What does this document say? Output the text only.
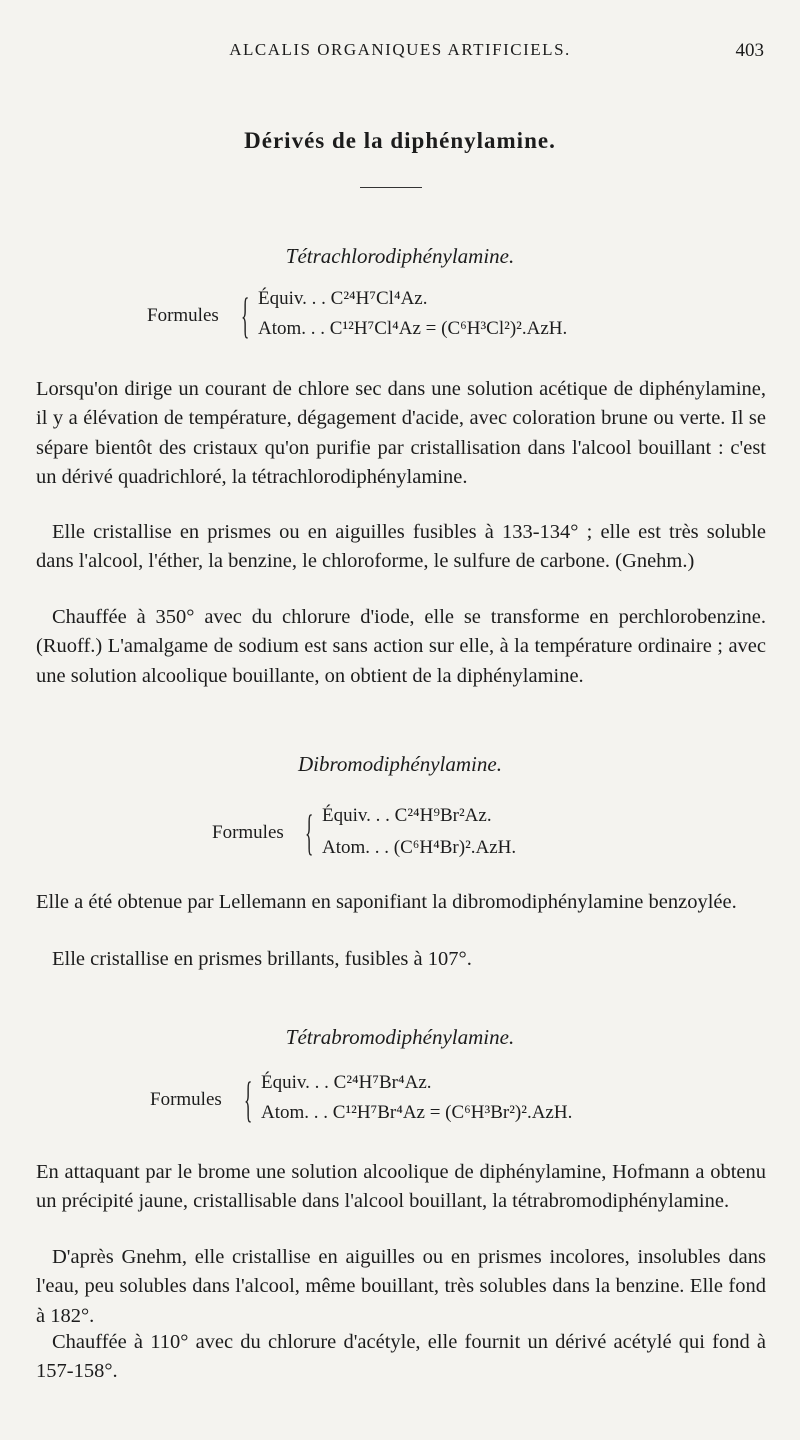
ALCALIS ORGANIQUES ARTIFICIELS.	403
Dérivés de la diphénylamine.
Tétrachlorodiphénylamine.
Formules { Équiv. . . C²⁴H⁷Cl⁴Az.
Atom. . . C¹²H⁷Cl⁴Az = (C⁶H³Cl²)².AzH.
Lorsqu'on dirige un courant de chlore sec dans une solution acétique de diphénylamine, il y a élévation de température, dégagement d'acide, avec coloration brune ou verte. Il se sépare bientôt des cristaux qu'on purifie par cristallisation dans l'alcool bouillant : c'est un dérivé quadrichloré, la tétrachlorodiphénylamine.
Elle cristallise en prismes ou en aiguilles fusibles à 133-134° ; elle est très soluble dans l'alcool, l'éther, la benzine, le chloroforme, le sulfure de carbone. (Gnehm.)
Chauffée à 350° avec du chlorure d'iode, elle se transforme en perchlorobenzine. (Ruoff.) L'amalgame de sodium est sans action sur elle, à la température ordinaire ; avec une solution alcoolique bouillante, on obtient de la diphénylamine.
Dibromodiphénylamine.
Formules { Équiv. . . C²⁴H⁹Br²Az.
Atom. . . (C⁶H⁴Br)².AzH.
Elle a été obtenue par Lellemann en saponifiant la dibromodiphénylamine benzoylée.
Elle cristallise en prismes brillants, fusibles à 107°.
Tétrabromodiphénylamine.
Formules { Équiv. . . C²⁴H⁷Br⁴Az.
Atom. . . C¹²H⁷Br⁴Az = (C⁶H³Br²)².AzH.
En attaquant par le brome une solution alcoolique de diphénylamine, Hofmann a obtenu un précipité jaune, cristallisable dans l'alcool bouillant, la tétrabromodiphénylamine.
D'après Gnehm, elle cristallise en aiguilles ou en prismes incolores, insolubles dans l'eau, peu solubles dans l'alcool, même bouillant, très solubles dans la benzine. Elle fond à 182°.
Chauffée à 110° avec du chlorure d'acétyle, elle fournit un dérivé acétylé qui fond à 157-158°.
